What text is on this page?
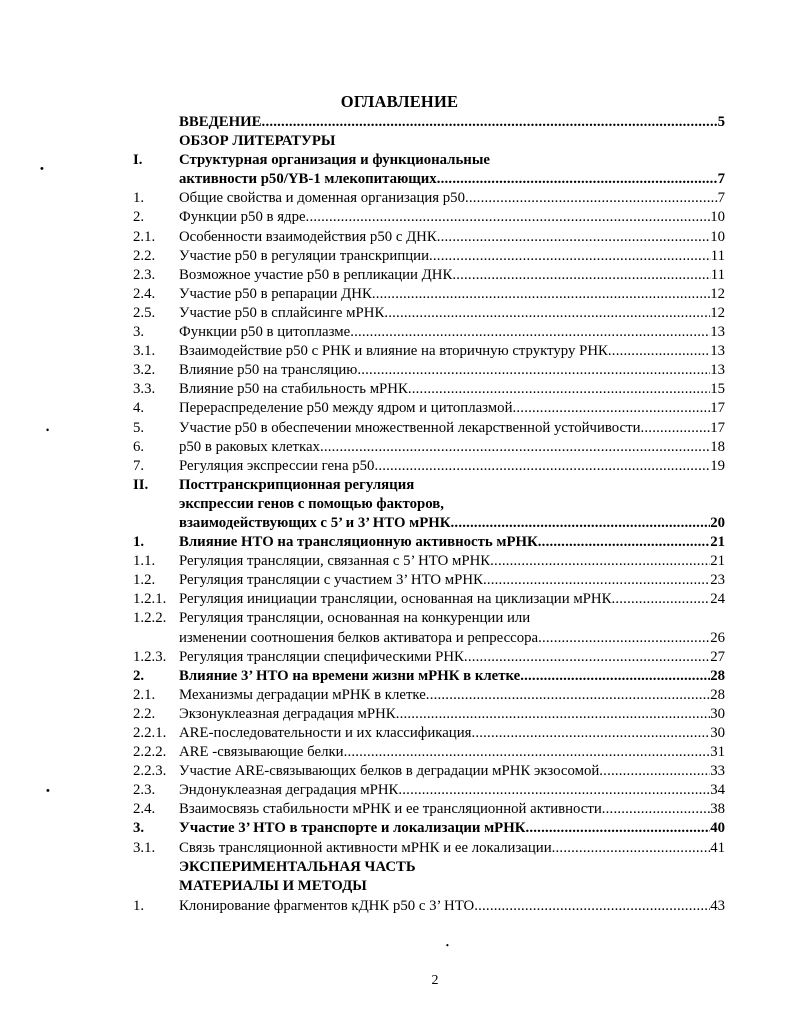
ОГЛАВЛЕНИЕ
ВВЕДЕНИЕ .....	5
ОБЗОР ЛИТЕРАТУРЫ
I.	Структурная организация и функциональные
активности p50/YB-1 млекопитающих .....	7
1.	Общие свойства и доменная организация p50 .....	7
2.	Функции p50 в ядре .....	10
2.1.	Особенности взаимодействия p50 с ДНК .....	10
2.2.	Участие p50 в регуляции транскрипции .....	11
2.3.	Возможное участие p50 в репликации ДНК .....	11
2.4.	Участие p50 в репарации ДНК .....	12
2.5.	Участие p50 в сплайсинге мРНК .....	12
3.	Функции p50 в цитоплазме .....	13
3.1.	Взаимодействие p50 с РНК и влияние на вторичную структуру РНК .....	13
3.2.	Влияние p50 на трансляцию .....	13
3.3.	Влияние p50 на стабильность мРНК .....	15
4.	Перераспределение p50 между ядром и цитоплазмой .....	17
5.	Участие p50 в обеспечении множественной лекарственной устойчивости .....	17
6.	p50 в раковых клетках .....	18
7.	Регуляция экспрессии гена p50 .....	19
II.	Посттранскрипционная регуляция
экспрессии генов с помощью факторов,
взаимодействующих с 5’ и 3’ НТО мРНК .....	20
1.	Влияние НТО на трансляционную активность мРНК .....	21
1.1.	Регуляция трансляции, связанная с 5’ НТО мРНК .....	21
1.2.	Регуляция трансляции с участием 3’ НТО мРНК .....	23
1.2.1. Регуляция инициации трансляции, основанная на циклизации мРНК .....	24
1.2.2. Регуляция трансляции, основанная на конкуренции или
изменении соотношения белков активатора и репрессора .....	26
1.2.3. Регуляция трансляции специфическими РНК .....	27
2.	Влияние 3’ НТО на времени жизни мРНК в клетке .....	28
2.1.	Механизмы деградации мРНК в клетке .....	28
2.2.	Экзонуклеазная деградация мРНК .....	30
2.2.1. ARE-последовательности и их классификация .....	30
2.2.2. ARE -связывающие белки .....	31
2.2.3. Участие ARE-связывающих белков в деградации мРНК экзосомой .....	33
2.3.	Эндонуклеазная деградация мРНК .....	34
2.4.	Взаимосвязь стабильности мРНК и ее трансляционной активности .....	38
3.	Участие 3’ НТО в транспорте и локализации мРНК .....	40
3.1.	Связь трансляционной активности мРНК и ее локализации .....	41
ЭКСПЕРИМЕНТАЛЬНАЯ ЧАСТЬ
МАТЕРИАЛЫ И МЕТОДЫ
1.	Клонирование фрагментов кДНК p50 с 3’ НТО .....	43
2
•
•
•
•
